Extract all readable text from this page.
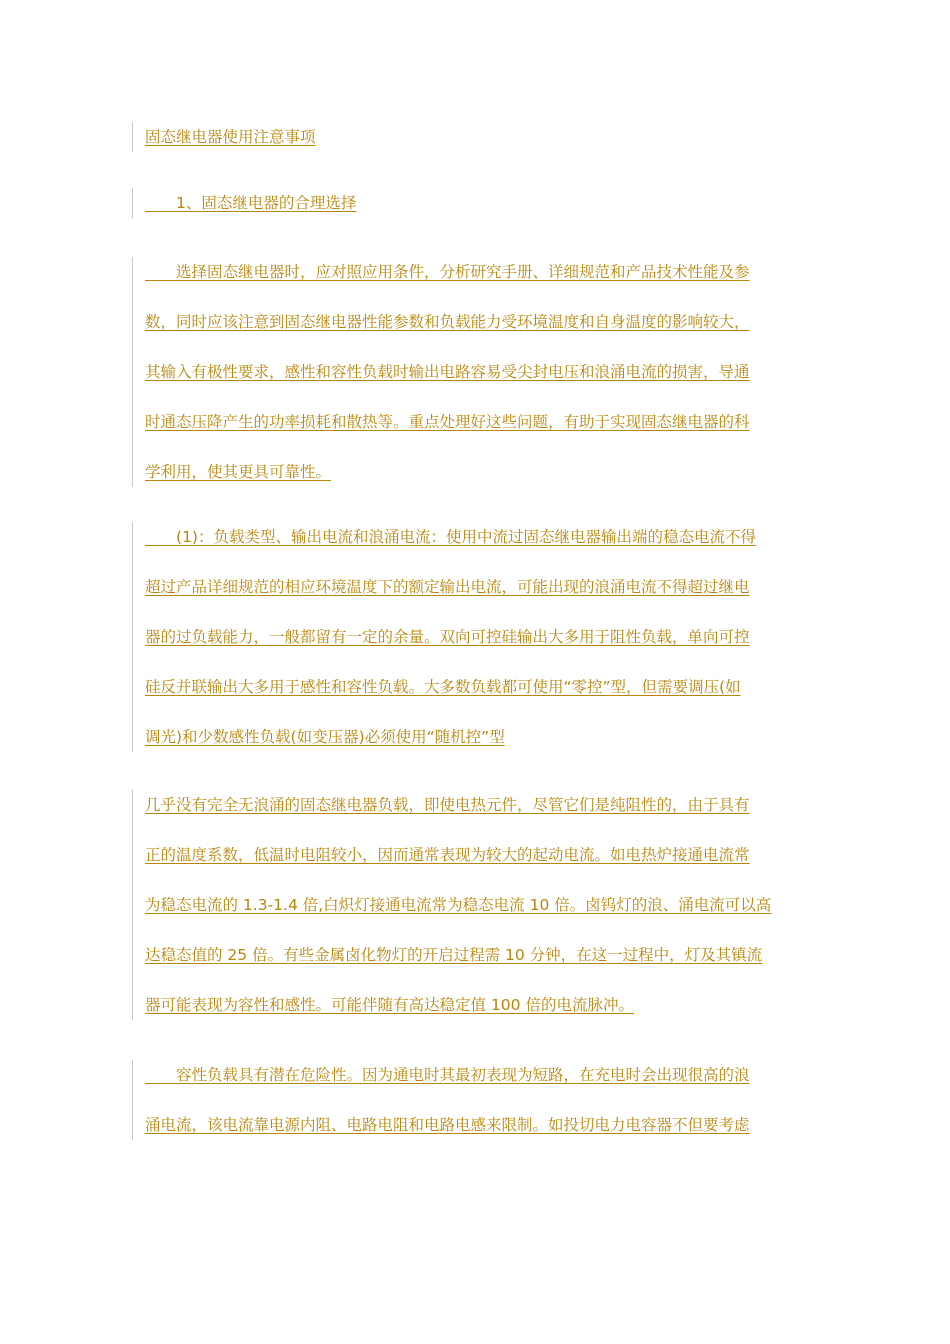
固态继电器使用注意事项
　　1、固态继电器的合理选择
　　选择固态继电器时，应对照应用条件，分析研究手册、详细规范和产品技术性能及参
数，同时应该注意到固态继电器性能参数和负载能力受环境温度和自身温度的影响较大，
其输入有极性要求，感性和容性负载时输出电路容易受尖封电压和浪涌电流的损害，导通
时通态压降产生的功率损耗和散热等。重点处理好这些问题，有助于实现固态继电器的科
学利用，使其更具可靠性。
　　(1)：负载类型、输出电流和浪涌电流：使用中流过固态继电器输出端的稳态电流不得
超过产品详细规范的相应环境温度下的额定输出电流，可能出现的浪涌电流不得超过继电
器的过负载能力，一般都留有一定的余量。双向可控硅输出大多用于阻性负载，单向可控
硅反并联输出大多用于感性和容性负载。大多数负载都可使用“零控”型，但需要调压(如
调光)和少数感性负载(如变压器)必须使用“随机控”型
几乎没有完全无浪涌的固态继电器负载，即使电热元件，尽管它们是纯阻性的，由于具有
正的温度系数，低温时电阻较小，因而通常表现为较大的起动电流。如电热炉接通电流常
为稳态电流的 1.3-1.4 倍,白炽灯接通电流常为稳态电流 10 倍。卤钨灯的浪、涌电流可以高
达稳态值的 25 倍。有些金属卤化物灯的开启过程需 10 分钟，在这一过程中，灯及其镇流
器可能表现为容性和感性。可能伴随有高达稳定值 100 倍的电流脉冲。
　　容性负载具有潜在危险性。因为通电时其最初表现为短路，在充电时会出现很高的浪
涌电流，该电流靠电源内阻、电路电阻和电路电感来限制。如投切电力电容器不但要考虑
